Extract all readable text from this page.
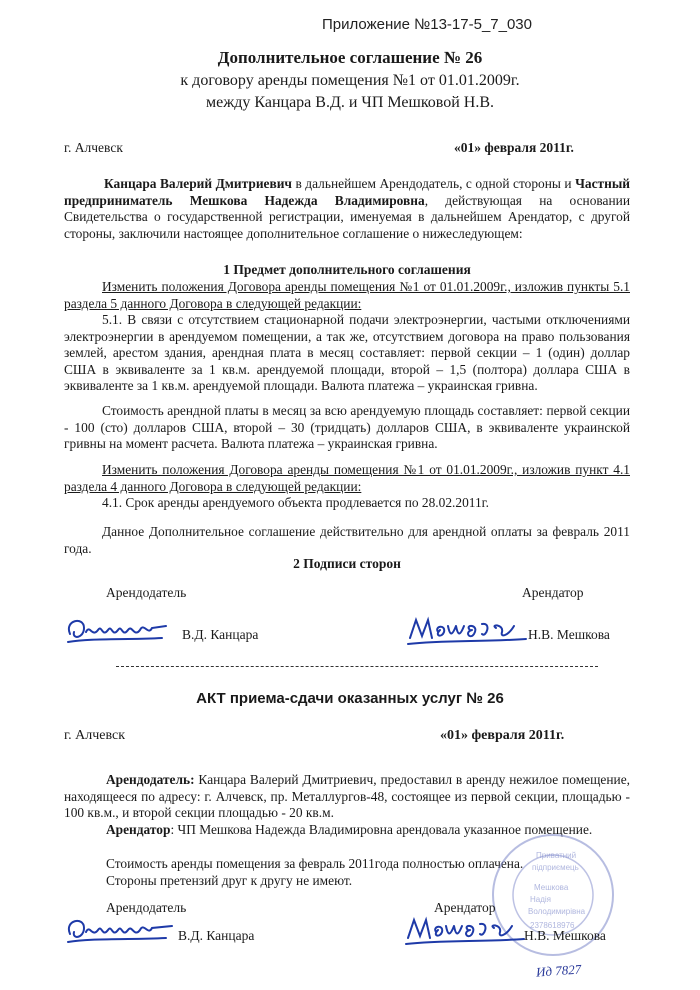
Приложение №13-17-5_7_030
Дополнительное соглашение № 26
к договору аренды помещения №1 от 01.01.2009г.
между Канцара В.Д. и ЧП Мешковой Н.В.
г. Алчевск	«01» февраля 2011г.
Канцара Валерий Дмитриевич в дальнейшем Арендодатель, с одной стороны и Частный предприниматель Мешкова Надежда Владимировна, действующая на основании Свидетельства о государственной регистрации, именуемая в дальнейшем Арендатор, с другой стороны, заключили настоящее дополнительное соглашение о нижеследующем:
1 Предмет дополнительного соглашения
Изменить положения Договора аренды помещения №1 от 01.01.2009г., изложив пункты 5.1 раздела 5 данного Договора в следующей редакции:
5.1. В связи с отсутствием стационарной подачи электроэнергии, частыми отключениями электроэнергии в арендуемом помещении, а так же, отсутствием договора на право пользования землей, арестом здания, арендная плата в месяц составляет: первой секции – 1 (один) доллар США в эквиваленте за 1 кв.м. арендуемой площади, второй – 1,5 (полтора) доллара США в эквиваленте за 1 кв.м. арендуемой площади. Валюта платежа – украинская гривна.
Стоимость арендной платы в месяц за всю арендуемую площадь составляет: первой секции - 100 (сто) долларов США, второй – 30 (тридцать) долларов США, в эквиваленте украинской гривны на момент расчета. Валюта платежа – украинская гривна.
Изменить положения Договора аренды помещения №1 от 01.01.2009г., изложив пункт 4.1 раздела 4 данного Договора в следующей редакции:
4.1. Срок аренды арендуемого объекта продлевается по 28.02.2011г.
Данное Дополнительное соглашение действительно для арендной оплаты за февраль 2011 года.
2 Подписи сторон
Арендодатель	Арендатор
В.Д. Канцара	Н.В. Мешкова
АКТ приема-сдачи оказанных услуг № 26
г. Алчевск	«01» февраля 2011г.
Арендодатель: Канцара Валерий Дмитриевич, предоставил в аренду нежилое помещение, находящееся по адресу: г. Алчевск, пр. Металлургов-48, состоящее из первой секции, площадью - 100 кв.м., и второй секции площадью - 20 кв.м.
Арендатор: ЧП Мешкова Надежда Владимировна арендовала указанное помещение.
Стоимость аренды помещения за февраль 2011года полностью оплачена.
Стороны претензий друг к другу не имеют.
Приватний
підприємець
Мешкова
Надія
Володимирівна
2378618976
Арендодатель	Арендатор
В.Д. Канцара	Н.В. Мешкова
Ид 7827
